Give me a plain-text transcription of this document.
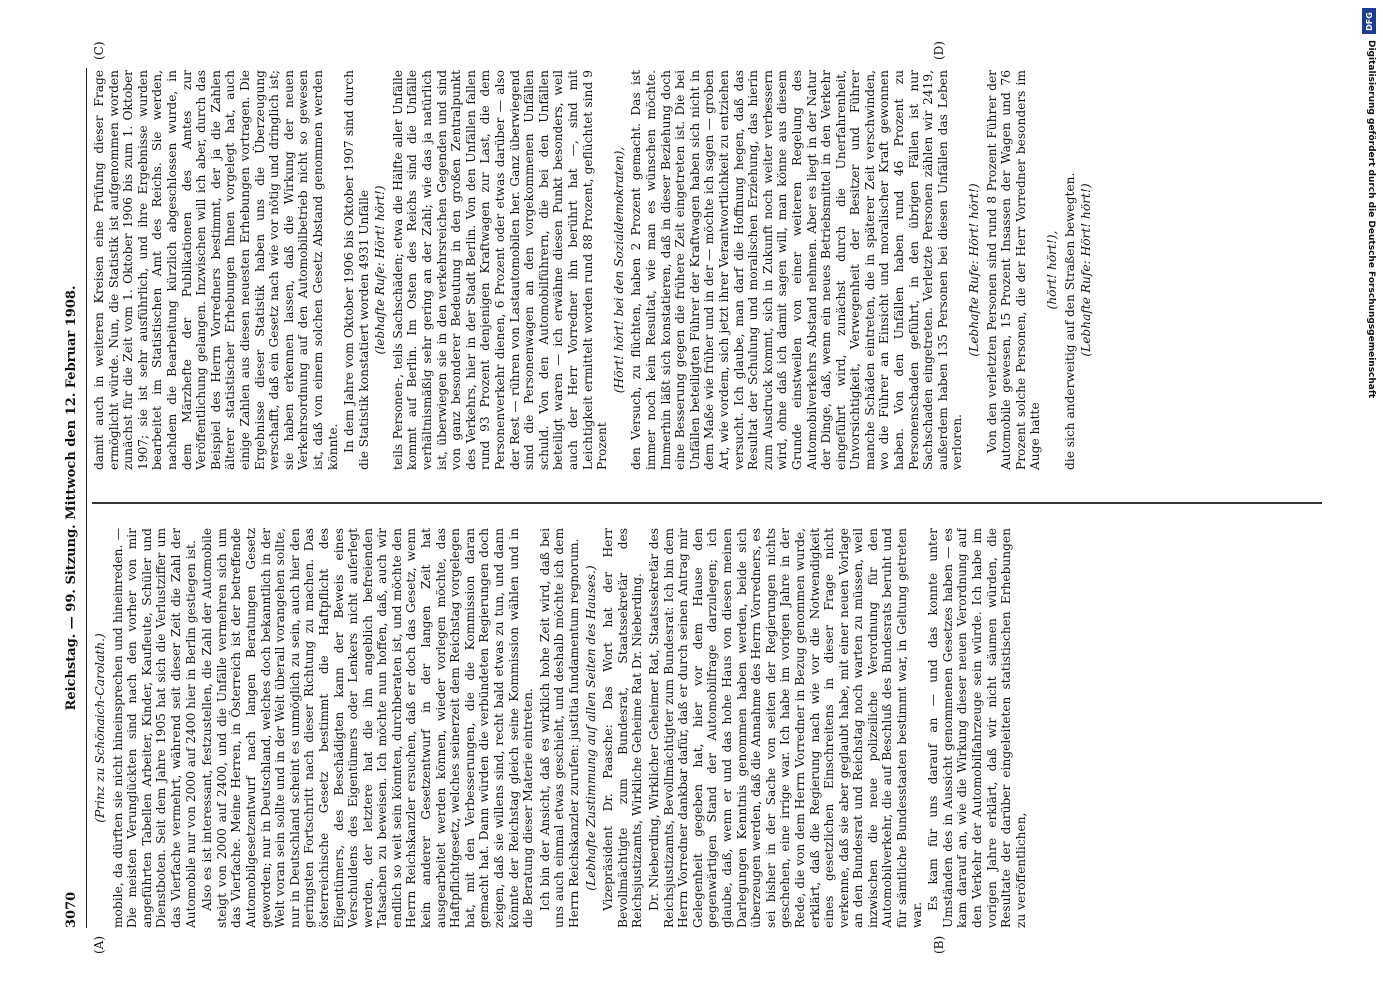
3070
Reichstag. — 99. Sitzung. Mittwoch den 12. Februar 1908.
(A)	(B)
(C)	(D)

(Prinz zu Schönaich-Carolath.) mobile, da dürften sie nicht hineinsprechen und hineinreden. — Die meisten Verunglückten sind nach den vorher von mir angeführten Tabellen Arbeiter, Kinder, Kaufleute, Schüler und Dienstboten. Seit dem Jahre 1905 hat sich die Verlustziffer um das Vierfache vermehrt, während seit dieser Zeit die Zahl der Automobile nur von 2000 auf 2400 hier in Berlin gestiegen ist. Also es ist interessant, festzustellen, die Zahl der Automobile steigt von 2000 auf 2400, und die Unfälle vermehren sich um das Vierfache. Meine Herren, in Österreich ist der betreffende Automobilgesetzentwurf nach langen Beratungen Gesetz geworden; nur in Deutschland, welches doch bekanntlich in der Welt voran sein sollte und in der Welt überall vorangehen sollte, nur in Deutschland scheint es unmöglich zu sein, auch hier den geringsten Fortschritt nach dieser Richtung zu machen. Das österreichische Gesetz bestimmt die Haftpflicht des Eigentümers, des Beschädigten kann der Beweis eines Verschuldens des Eigentümers oder Lenkers nicht auferlegt werden, der letztere hat die ihn angeblich befreienden Tatsachen zu beweisen. Ich möchte nun hoffen, daß, auch wir endlich so weit sein könnten, durchberaten ist, und möchte den Herrn Reichskanzler ersuchen, daß er doch das Gesetz, wenn kein anderer Gesetzentwurf in der langen Zeit hat ausgearbeitet werden können, wieder vorlegen möchte, das Haftpflichtgesetz, welches seinerzeit dem Reichstag vorgelegen hat, mit den Verbesserungen, die die Kommission daran gemacht hat. Dann würden die verbündeten Regierungen doch zeigen, daß sie willens sind, recht bald etwas zu tun, und dann könnte der Reichstag gleich seine Kommission wählen und in die Beratung dieser Materie eintreten. Ich bin der Ansicht, daß es wirklich hohe Zeit wird, daß bei uns auch einmal etwas geschieht, und deshalb möchte ich dem Herrn Reichskanzler zurufen: justitia fundamentum regnorum. (Lebhafte Zustimmung auf allen Seiten des Hauses.) Vizepräsident Dr. Paasche: Das Wort hat der Herr Bevollmächtigte zum Bundesrat, Staatssekretär des Reichsjustizamts, Wirkliche Geheime Rat Dr. Nieberding. Dr. Nieberding, Wirklicher Geheimer Rat, Staatssekretär des Reichsjustizamts, Bevollmächtigter zum Bundesrat: Ich bin dem Herrn Vorredner dankbar dafür, daß er durch seinen Antrag mir Gelegenheit gegeben hat, hier vor dem Hause den gegenwärtigen Stand der Automobilfrage darzulegen; ich glaube, daß, wenn er und das hohe Haus von diesen meinen Darlegungen Kenntnis genommen haben werden, beide sich überzeugen werden, daß die Annahme des Herrn Vorredners, es sei bisher in der Sache von seiten der Regierungen nichts geschehen, eine irrige war. Ich habe im vorigen Jahre in der Rede, die von dem Herrn Vorredner in Bezug genommen wurde, erklärt, daß die Regierung nach wie vor die Notwendigkeit eines gesetzlichen Einschreitens in dieser Frage nicht verkenne, daß sie aber geglaubt habe, mit einer neuen Vorlage an den Bundesrat und Reichstag noch warten zu müssen, weil inzwischen die neue polizeiliche Verordnung für den Automobilverkehr, die auf Beschluß des Bundesrats beruht und für sämtliche Bundesstaaten bestimmt war, in Geltung getreten war.

Es kam für uns darauf an — und das konnte unter Umständen des in Aussicht genommenen Gesetzes haben — es kam darauf an, wie die Wirkung dieser neuen Verordnung auf den Verkehr der Automobilfahrzeuge sein würde. Ich habe im vorigen Jahre erklärt, daß wir nicht säumen würden, die Resultate der darüber eingeleiteten statistischen Erhebungen zu veröffentlichen,

damit auch in weiteren Kreisen eine Prüfung dieser Frage ermöglicht würde. Nun, die Statistik ist aufgenommen worden zunächst für die Zeit vom 1. Oktober 1906 bis zum 1. Oktober 1907; sie ist sehr ausführlich, und ihre Ergebnisse wurden bearbeitet im Statistischen Amt des Reichs. Sie werden, nachdem die Bearbeitung kürzlich abgeschlossen wurde, in dem Märzhefte der Publikationen des Amtes zur Veröffentlichung gelangen. Inzwischen will ich aber, durch das Beispiel des Herrn Vorredners bestimmt, der ja die Zahlen älterer statistischer Erhebungen Ihnen vorgelegt hat, auch einige Zahlen aus diesen neuesten Erhebungen vortragen. Die Ergebnisse dieser Statistik haben uns die Überzeugung verschafft, daß ein Gesetz nach wie vor nötig und dringlich ist; sie haben erkennen lassen, daß die Wirkung der neuen Verkehrsordnung auf den Automobilbetrieb nicht so gewesen ist, daß von einem solchen Gesetz Abstand genommen werden könnte. In dem Jahre vom Oktober 1906 bis Oktober 1907 sind durch die Statistik konstatiert worden 4931 Unfälle (lebhafte Rufe: Hört! hört!) teils Personen-, teils Sachschäden; etwa die Hälfte aller Unfälle kommt auf Berlin. Im Osten des Reichs sind die Unfälle verhältnismäßig sehr gering an der Zahl; wie das ja natürlich ist, überwiegen sie in den verkehrsreichen Gegenden und sind von ganz besonderer Bedeutung in den großen Zentralpunkt des Verkehrs, hier in der Stadt Berlin. Von den Unfällen fallen rund 93 Prozent denjenigen Kraftwagen zur Last, die dem Personenverkehr dienen, 6 Prozent oder etwas darüber — also der Rest — rühren von Lastautomobilen her. Ganz überwiegend sind die Personenwagen an den vorgekommenen Unfällen schuld. Von den Automobilführern, die bei den Unfällen beteiligt waren — ich erwähne diesen Punkt besonders, weil auch der Herr Vorredner ihn berührt hat —, sind mit Leichtigkeit ermittelt worden rund 88 Prozent, geflüchtet sind 9 Prozent

(Hört! hört! bei den Sozialdemokraten), den Versuch, zu flüchten, haben 2 Prozent gemacht. Das ist immer noch kein Resultat, wie man es wünschen möchte. Immerhin läßt sich konstatieren, daß in dieser Beziehung doch eine Besserung gegen die frühere Zeit eingetreten ist. Die bei Unfällen beteiligten Führer der Kraftwagen haben sich nicht in dem Maße wie früher und in der — möchte ich sagen — groben Art, wie vordem, sich jetzt ihrer Verantwortlichkeit zu entziehen versucht. Ich glaube, man darf die Hoffnung hegen, daß das Resultat der Schulung und moralischen Erziehung, das hierin zum Ausdruck kommt, sich in Zukunft noch weiter verbessern wird, ohne daß ich damit sagen will, man könne aus diesem Grunde einstweilen von einer weiteren Regelung des Automobilverkehrs Abstand nehmen. Aber es liegt in der Natur der Dinge, daß, wenn ein neues Betriebsmittel in den Verkehr eingeführt wird, zunächst durch die Unerfahrenheit, Unvorsichtigkeit, Verwegenheit der Besitzer und Führer manche Schäden eintreten, die in späterer Zeit verschwinden, wo die Führer an Einsicht und moralischer Kraft gewonnen haben. Von den Unfällen haben rund 46 Prozent zu Personenschaden geführt, in den übrigen Fällen ist nur Sachschaden eingetreten. Verletzte Personen zählen wir 2419, außerdem haben 135 Personen bei diesen Unfällen das Leben verloren.

(Lebhafte Rufe: Hört! hört!) Von den verletzten Personen sind rund 8 Prozent Führer der Automobile gewesen, 15 Prozent Insassen der Wagen und 76 Prozent solche Personen, die der Herr Vorredner besonders im Auge hatte

(hört! hört!), die sich anderweitig auf den Straßen bewegten. (Lebhafte Rufe: Hört! hört!)

DFG
Digitalisierung gefördert durch die Deutsche Forschungsgemeinschaft
